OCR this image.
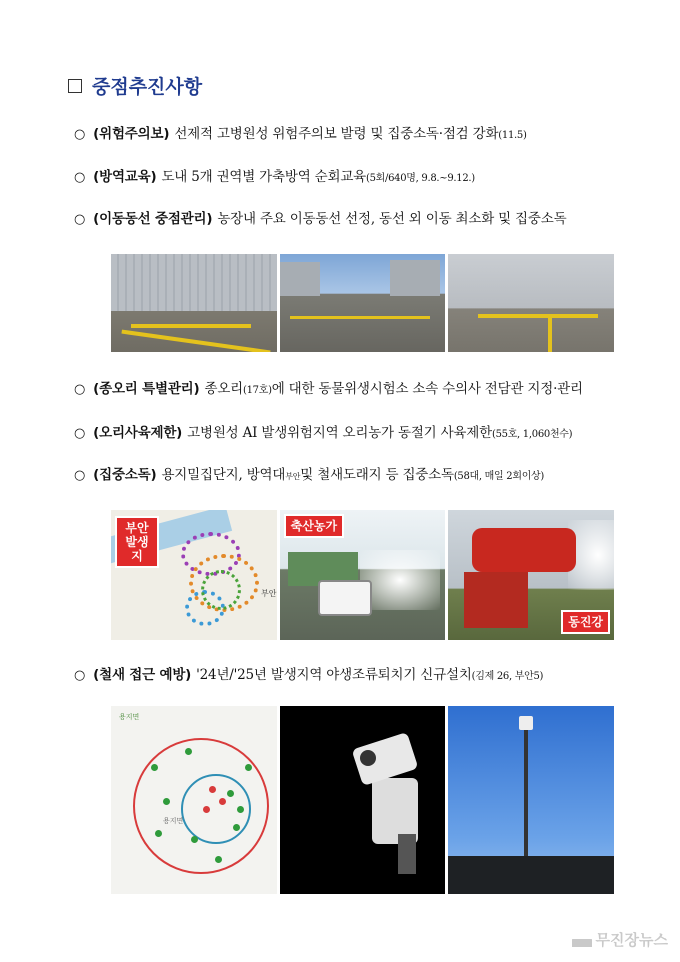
중점추진사항
○ (위험주의보) 선제적 고병원성 위험주의보 발령 및 집중소독·점검 강화 (11.5)
○ (방역교육) 도내 5개 권역별 가축방역 순회교육 (5회/640명, 9.8.~9.12.)
○ (이동동선 중점관리) 농장내 주요 이동동선 선정, 동선 외 이동 최소화 및 집중소독
○ (종오리 특별관리) 종오리 (17호) 에 대한 동물위생시험소 소속 수의사 전담관 지정·관리
○ (오리사육제한) 고병원성 AI 발생위험지역 오리농가 동절기 사육제한 (55호, 1,060천수)
○ (집중소독) 용지밀집단지, 방역대 부안 및 철새도래지 등 집중소독 (58대, 매일 2회이상)
부안 발생지
부안
축산농가
동진강
○ (철새 접근 예방) '24년/'25년 발생지역 야생조류퇴치기 신규설치 (김제 26, 부안5)
용지면
용지면
무진장뉴스
